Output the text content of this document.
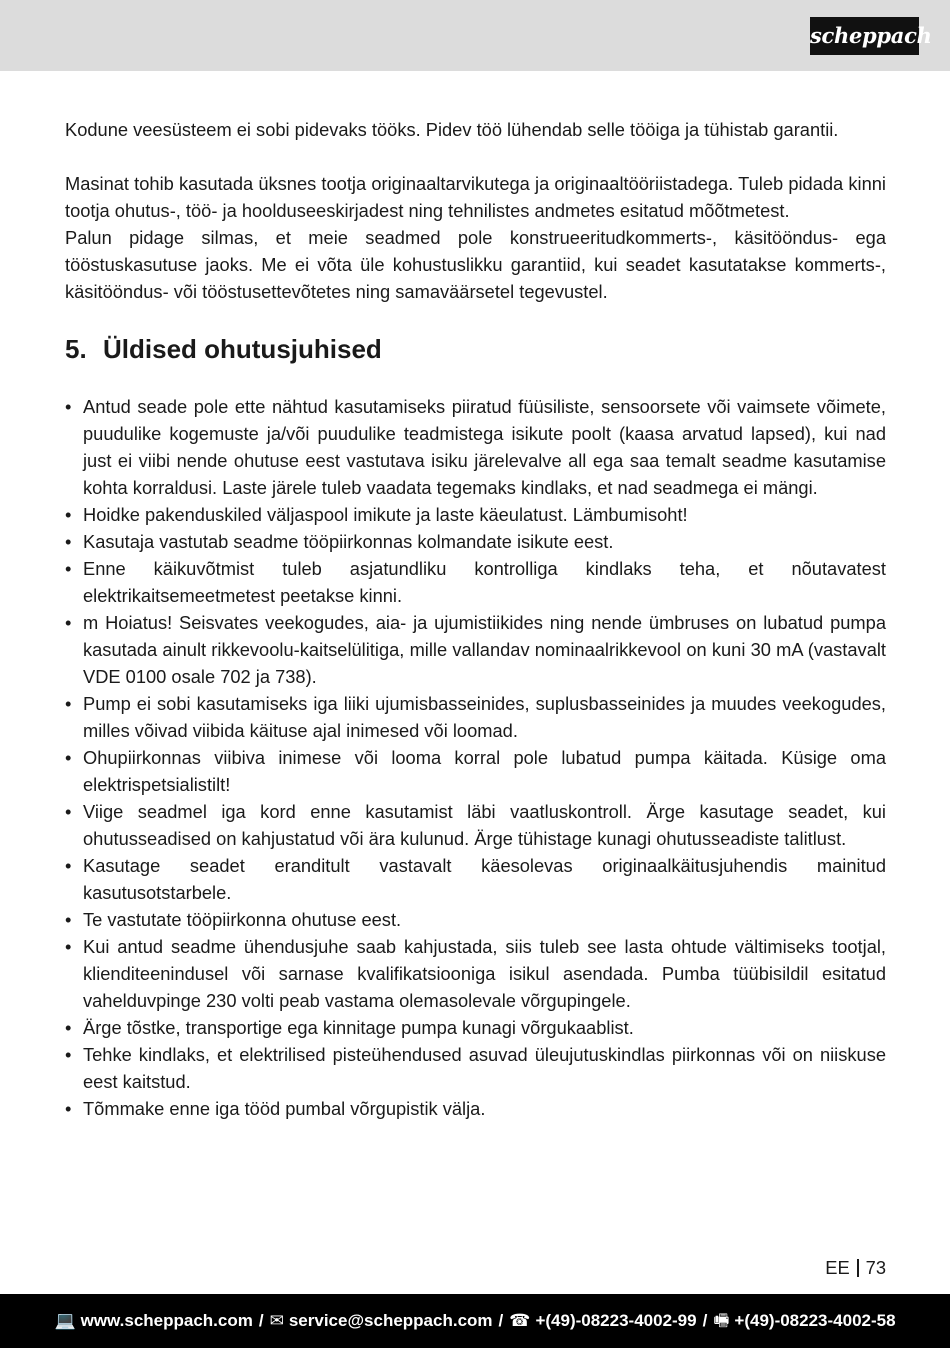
scheppach

Kodune veesüsteem ei sobi pidevaks tööks. Pidev töö lühendab selle tööiga ja tühistab garantii.

Masinat tohib kasutada üksnes tootja originaaltarvikutega ja originaaltööriistadega. Tuleb pidada kinni tootja ohutus-, töö- ja hoolduseeskirjadest ning tehnilistes andmetes esitatud mõõtmetest.

Palun pidage silmas, et meie seadmed pole konstrueeritudkommerts-, käsitööndus- ega tööstuskasutuse jaoks. Me ei võta üle kohustuslikku garantiid, kui seadet kasutatakse kommerts-, käsitööndus- või tööstusettevõtetes ning samaväärsetel tegevustel.

5. Üldised ohutusjuhised
• Antud seade pole ette nähtud kasutamiseks piiratud füüsiliste, sensoorsete või vaimsete võimete, puudulike kogemuste ja/või puudulike teadmistega isikute poolt (kaasa arvatud lapsed), kui nad just ei viibi nende ohutuse eest vastutava isiku järelevalve all ega saa temalt seadme kasutamise kohta korraldusi. Laste järele tuleb vaadata tegemaks kindlaks, et nad seadmega ei mängi.
• Hoidke pakenduskiled väljaspool imikute ja laste käeulatust. Lämbumisoht!
• Kasutaja vastutab seadme tööpiirkonnas kolmandate isikute eest.
• Enne käikuvõtmist tuleb asjatundliku kontrolliga kindlaks teha, et nõutavatest elektrikaitsemeetmetest peetakse kinni.
• m Hoiatus! Seisvates veekogudes, aia- ja ujumistiikides ning nende ümbruses on lubatud pumpa kasutada ainult rikkevoolu-kaitselülitiga, mille vallandav nominaalrikkevool on kuni 30 mA (vastavalt VDE 0100 osale 702 ja 738).
• Pump ei sobi kasutamiseks iga liiki ujumisbasseinides, suplusbasseinides ja muudes veekogudes, milles võivad viibida käituse ajal inimesed või loomad.
• Ohupiirkonnas viibiva inimese või looma korral pole lubatud pumpa käitada. Küsige oma elektrispetsialistilt!
• Viige seadmel iga kord enne kasutamist läbi vaatluskontroll. Ärge kasutage seadet, kui ohutusseadised on kahjustatud või ära kulunud. Ärge tühistage kunagi ohutusseadiste talitlust.
• Kasutage seadet eranditult vastavalt käesolevas originaalkäitusjuhendis mainitud kasutusotstarbele.
• Te vastutate tööpiirkonna ohutuse eest.
• Kui antud seadme ühendusjuhe saab kahjustada, siis tuleb see lasta ohtude vältimiseks tootjal, klienditeenindusel või sarnase kvalifikatsiooniga isikul asendada. Pumba tüübisildil esitatud vahelduvpinge 230 volti peab vastama olemasolevale võrgupingele.
• Ärge tõstke, transportige ega kinnitage pumpa kunagi võrgukaablist.
• Tehke kindlaks, et elektrilised pisteühendused asuvad üleujutuskindlas piirkonnas või on niiskuse eest kaitstud.
• Tõmmake enne iga tööd pumbal võrgupistik välja.
EE 73
💻 www.scheppach.com / ✉ service@scheppach.com / ☎ +(49)-08223-4002-99 / 🖷 +(49)-08223-4002-58
